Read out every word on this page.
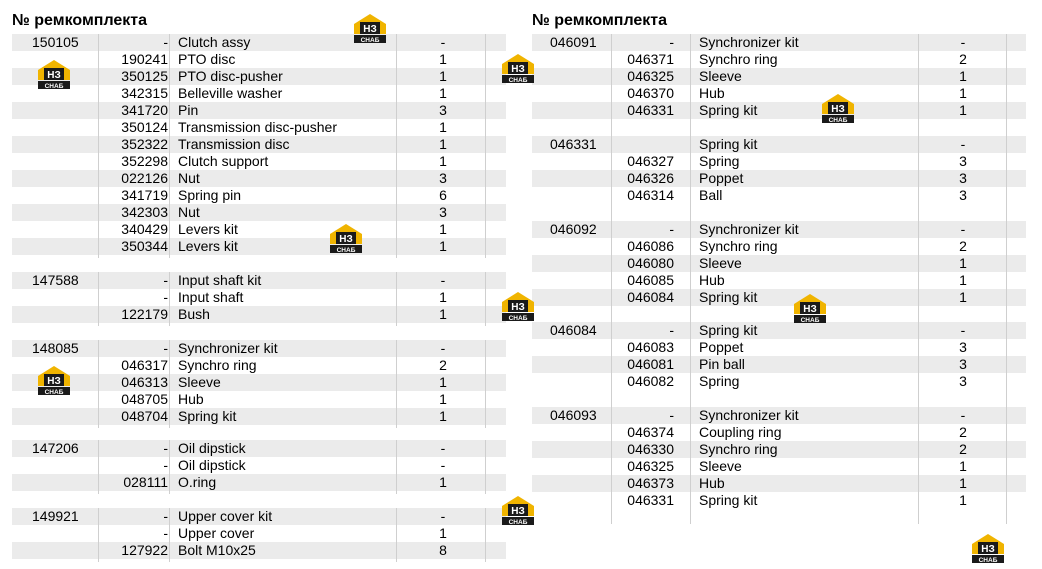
№ ремкомплекта	№ ремкомплекта
150105	- Clutch assy	-
190241 PTO disc	1
350125 PTO disc-pusher	1
342315 Belleville washer	1
341720 Pin	3
350124 Transmission disc-pusher	1
352322 Transmission disc	1
352298 Clutch support	1
022126 Nut	3
341719 Spring pin	6
342303 Nut	3
340429 Levers kit	1
350344 Levers kit	1
147588	- Input shaft kit	-
- Input shaft	1
122179 Bush	1
148085	- Synchronizer kit	-
046317 Synchro ring	2
046313 Sleeve	1
048705 Hub	1
048704 Spring kit	1
147206	- Oil dipstick	-
- Oil dipstick	-
028111 O.ring	1
149921	- Upper cover kit	-
- Upper cover	1
127922 Bolt M10x25	8
046091	- Synchronizer kit	-
046371 Synchro ring	2
046325 Sleeve	1
046370 Hub	1
046331 Spring kit	1
046331	Spring kit	-
046327 Spring	3
046326 Poppet	3
046314 Ball	3
046092	- Synchronizer kit	-
046086 Synchro ring	2
046080 Sleeve	1
046085 Hub	1
046084 Spring kit	1
046084	- Spring kit	-
046083 Poppet	3
046081 Pin ball	3
046082 Spring	3
046093	- Synchronizer kit	-
046374 Coupling ring	2
046330 Synchro ring	2
046325 Sleeve	1
046373 Hub	1
046331 Spring kit	1
НЗ
СНАБ
НЗ
СНАБ
НЗ
СНАБ
НЗ
СНАБ
НЗ
СНАБ
НЗ
СНАБ
НЗ
СНАБ
НЗ
СНАБ
НЗ
СНАБ
НЗ
СНАБ
